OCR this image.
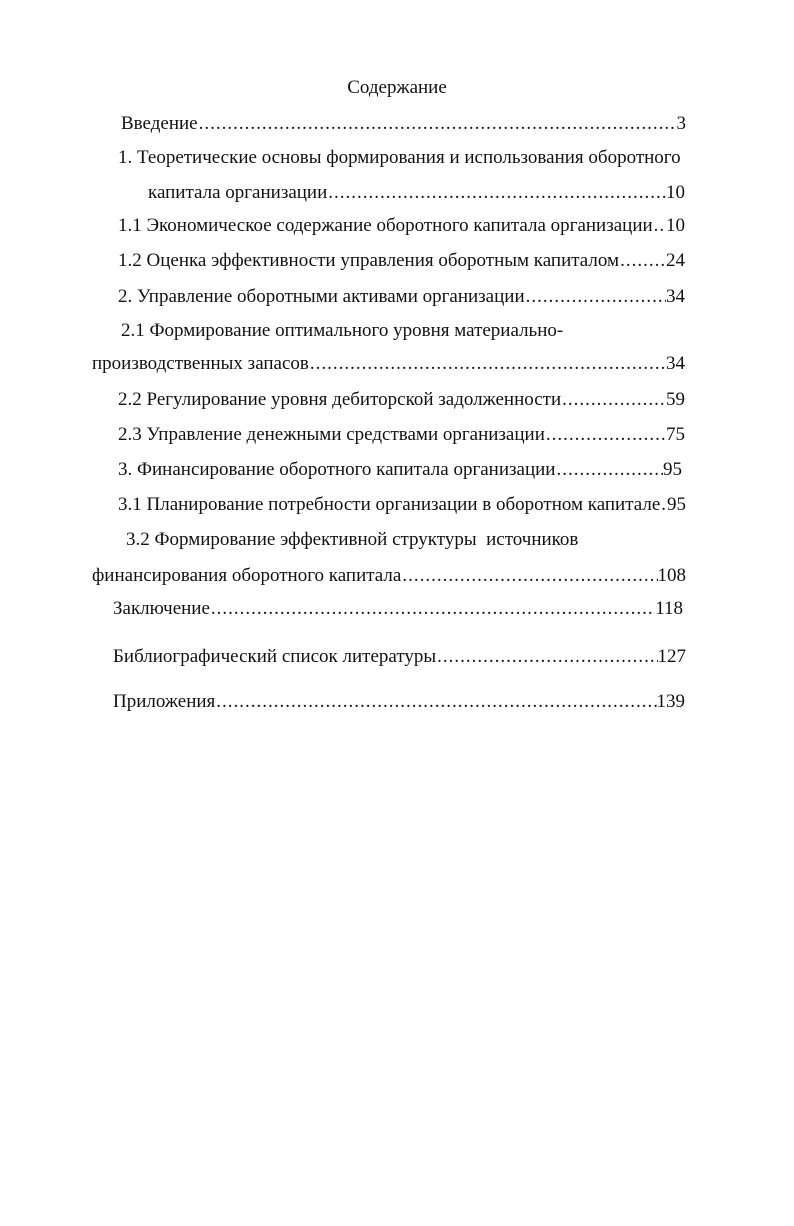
Содержание
Введение .....	3
1. Теоретические основы формирования и использования оборотного
капитала организации .....	10
1.1 Экономическое содержание оборотного капитала организации ..... 10
1.2 Оценка эффективности управления оборотным капиталом ..... 24
2. Управление оборотными активами организации .....	34
2.1 Формирование оптимального уровня материально-
производственных запасов .....	34
2.2 Регулирование уровня дебиторской задолженности .....	59
2.3 Управление денежными средствами организации .....	75
3. Финансирование оборотного капитала организации .....	95
3.1 Планирование потребности организации в оборотном капитале ..... 95
3.2 Формирование эффективной структуры  источников
финансирования оборотного капитала .....	108
Заключение .....	118
Библиографический список литературы .....	127
Приложения .....	139
